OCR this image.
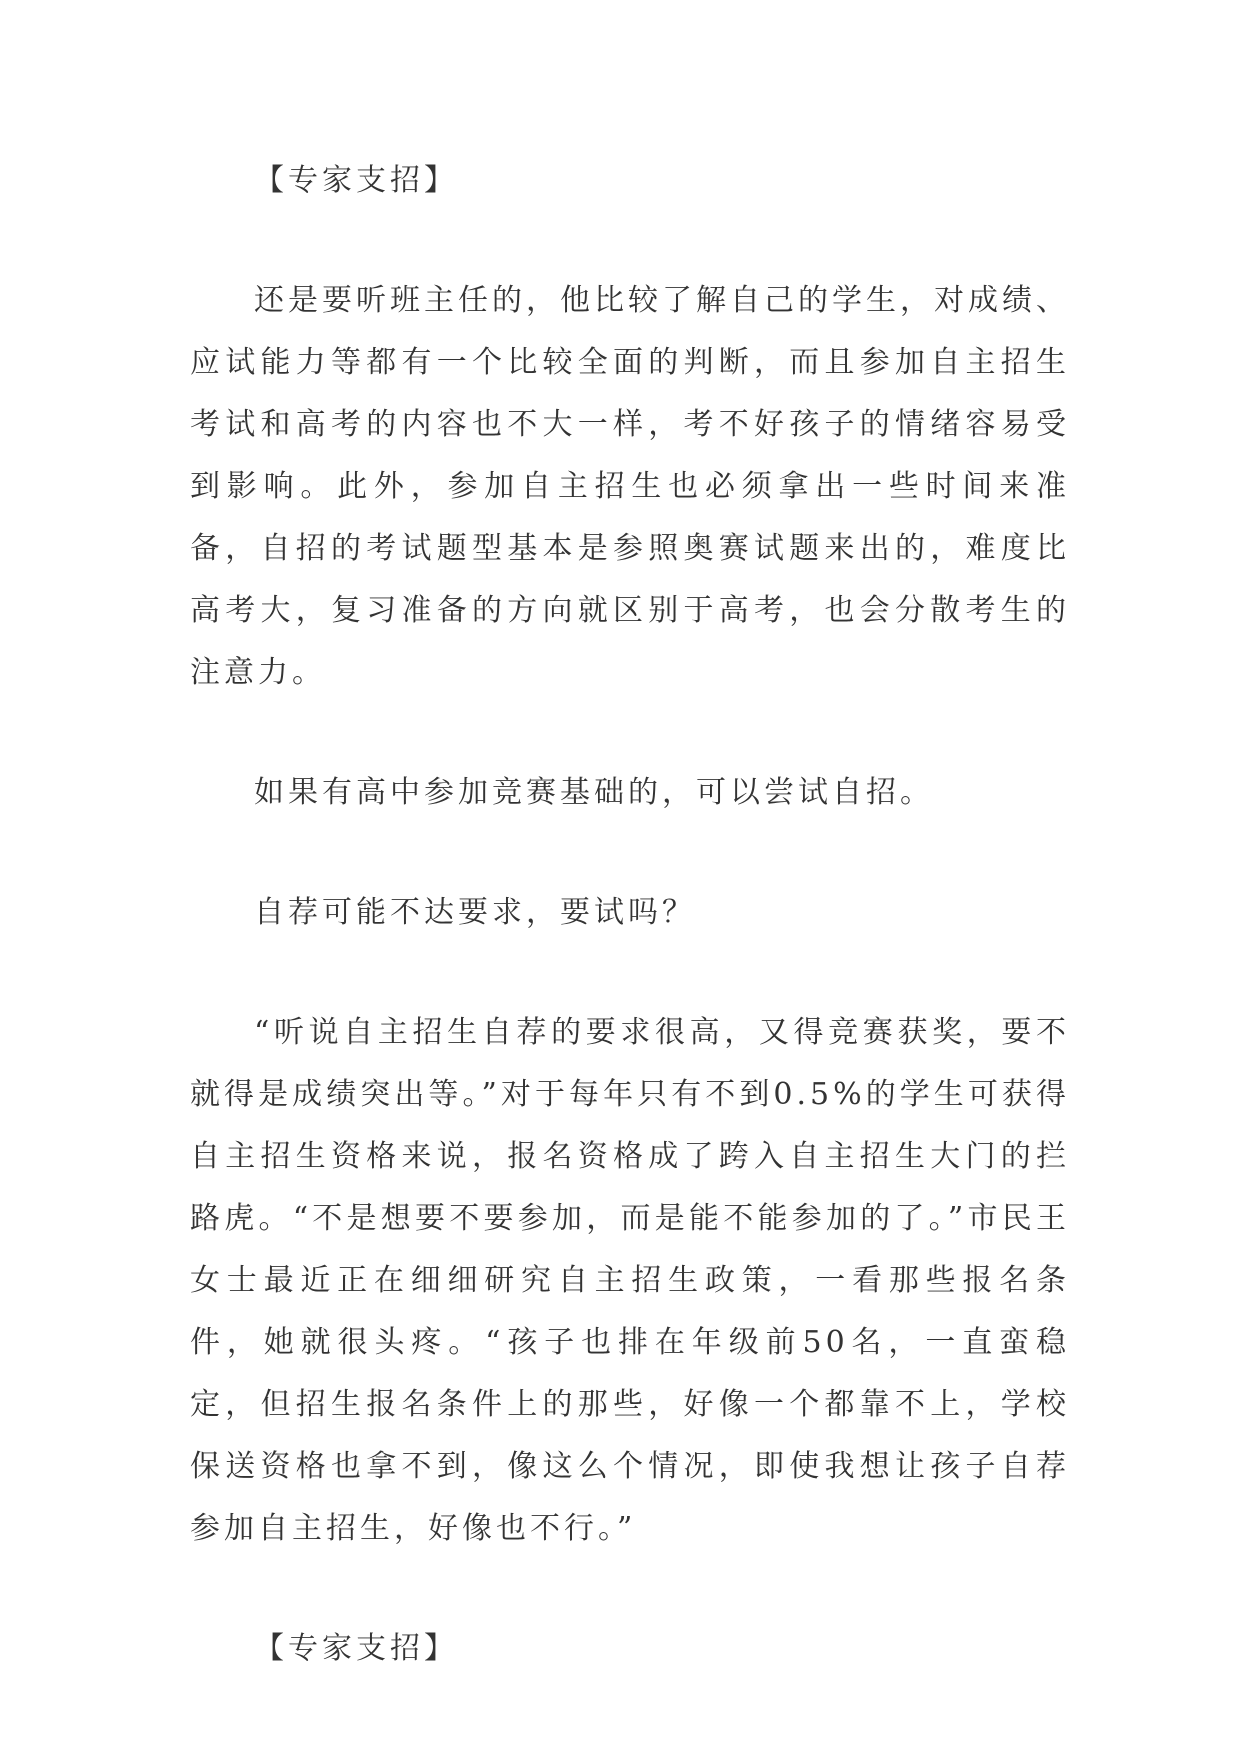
【专家支招】

还是要听班主任的，他比较了解自己的学生，对成绩、应试能力等都有一个比较全面的判断，而且参加自主招生考试和高考的内容也不大一样，考不好孩子的情绪容易受到影响。此外，参加自主招生也必须拿出一些时间来准备，自招的考试题型基本是参照奥赛试题来出的，难度比高考大，复习准备的方向就区别于高考，也会分散考生的注意力。

如果有高中参加竞赛基础的，可以尝试自招。

自荐可能不达要求，要试吗？

“听说自主招生自荐的要求很高，又得竞赛获奖，要不就得是成绩突出等。”对于每年只有不到0.5%的学生可获得自主招生资格来说，报名资格成了跨入自主招生大门的拦路虎。“不是想要不要参加，而是能不能参加的了。”市民王女士最近正在细细研究自主招生政策，一看那些报名条件，她就很头疼。“孩子也排在年级前50名，一直蛮稳定，但招生报名条件上的那些，好像一个都靠不上，学校保送资格也拿不到，像这么个情况，即使我想让孩子自荐参加自主招生，好像也不行。”

【专家支招】
